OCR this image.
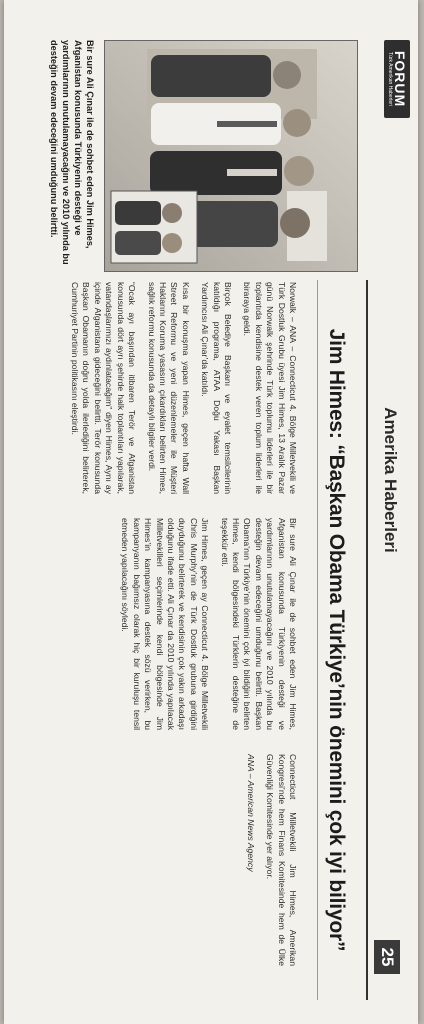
FORUM
Türk Amerikan Haberleri
Amerika Haberleri
25
Jim Himes: “Başkan Obama Türkiye’nin önemini çok iyi biliyor”

Norwalk – ANA – Connecticut 4. Bölge Milletvekili ve Türk Dostluk Grubu üyesi Jim Himes, 13 Aralık Pazar günü Norwalk şehrinde Türk toplumu liderleri ile bir toplantıda kendisine destek veren toplum liderleri ile biraraya geldi.

Birçok Belediye Başkanı ve eyalet temsilcilerinin katıldığı programa, ATAA Doğu Yakası Başkan Yardımcısı Ali Çınar’da katıldı.

Kısa bir konuşma yapan Himes, geçen hafta Wall Street Reformu ve yeni düzenlemeler ile Müşteri Haklarını Koruma yasasını çıkardıkları belirten Himes, sağlık reformu konusunda da detaylı bilgiler verdi.

“Ocak ayı başından itibaren Terör ve Afganistan konusunda dört ayrı şehirde halk toplantıları yapılarak, vatandaşlarımızı aydınlatacağım” diyen Himes, Aynı ay içinde Afganistana gideceğini belirtti. Terör konusunda Başkan Obamanın doğru yolda ilerlediğini belirterek, Cumhuriyet Partinin politikasını eleştirdi.

Bir sure Ali Çınar ile de sohbet eden Jim Himes, Afganistan konusunda Türkiyenin desteği ve yardımlarının unutulamayacağını ve 2010 yılında bu desteğin devam edeceğini umduğunu belirtti. Başkan Obama’nın Türkiye’nin önemini çok iyi bildiğini belirten Himes, kendi bölgesindeki Türklerin desteğine de teşekkür etti.

Jim Himes, geçen ay Connecticut 4. Bölge Milletvekili Chris Murphy’nin de Türk Dostluk grubuna girdiğini duyduğunu belirterek ve kendisinin çok yakın arkadaşı olduğunu ifade etti. Ali Çınar da 2010 yılında yapılacak Milletvekilleri seçimlerinde kendi bölgesinde Jim Himes’in kampanyasına destek sözü verirken, bu kampanyanın bağımsız olarak hiç bir kuruluşu tensil etmeden yapılacağını söyledi.

Connecticut Milletvekili Jim Himes, Amerikan Kongresi’nde hem Finans Komitesinde hem de Ülke Güvenliği Komitesinde yer alıyor.

ANA – American News Agency

Bir sure Ali Çınar ile de sohbet eden Jim Himes, Afganistan konusunda Türkiyenin desteği ve yardımlarının unutulamayacağını ve 2010 yılında bu desteğin devam edeceğini umduğunu belirtti.
